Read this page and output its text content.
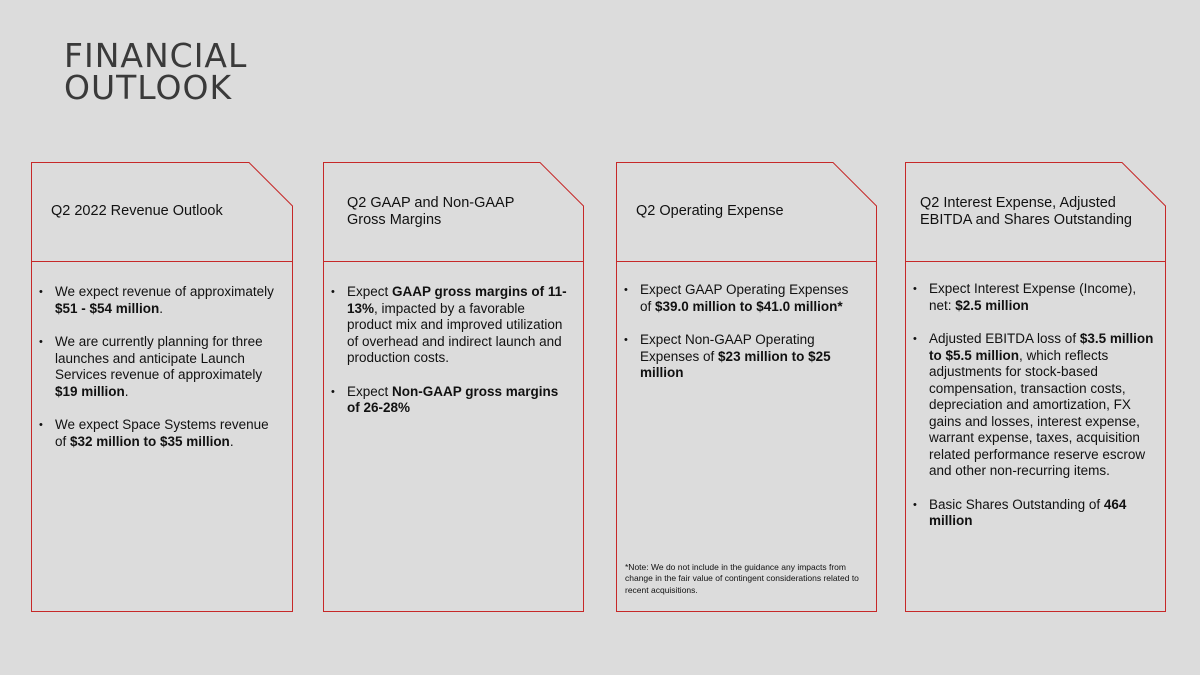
FINANCIAL
OUTLOOK
Q2 2022 Revenue Outlook
• We expect revenue of approximately $51 - $54 million.
• We are currently planning for three launches and anticipate Launch Services revenue of approximately $19 million.
• We expect Space Systems revenue of $32 million to $35 million.
Q2 GAAP and Non-GAAP Gross Margins
• Expect GAAP gross margins of 11-13%, impacted by a favorable product mix and improved utilization of overhead and indirect launch and production costs.
• Expect Non-GAAP gross margins of 26-28%
Q2 Operating Expense
• Expect GAAP Operating Expenses of $39.0 million to $41.0 million*
• Expect Non-GAAP Operating Expenses of $23 million to $25 million
*Note: We do not include in the guidance any impacts from change in the fair value of contingent considerations related to recent acquisitions.
Q2 Interest Expense, Adjusted EBITDA and Shares Outstanding
• Expect Interest Expense (Income), net: $2.5 million
• Adjusted EBITDA loss of $3.5 million to $5.5 million, which reflects adjustments for stock-based compensation, transaction costs, depreciation and amortization, FX gains and losses, interest expense, warrant expense, taxes, acquisition related performance reserve escrow and other non-recurring items.
• Basic Shares Outstanding of 464 million
